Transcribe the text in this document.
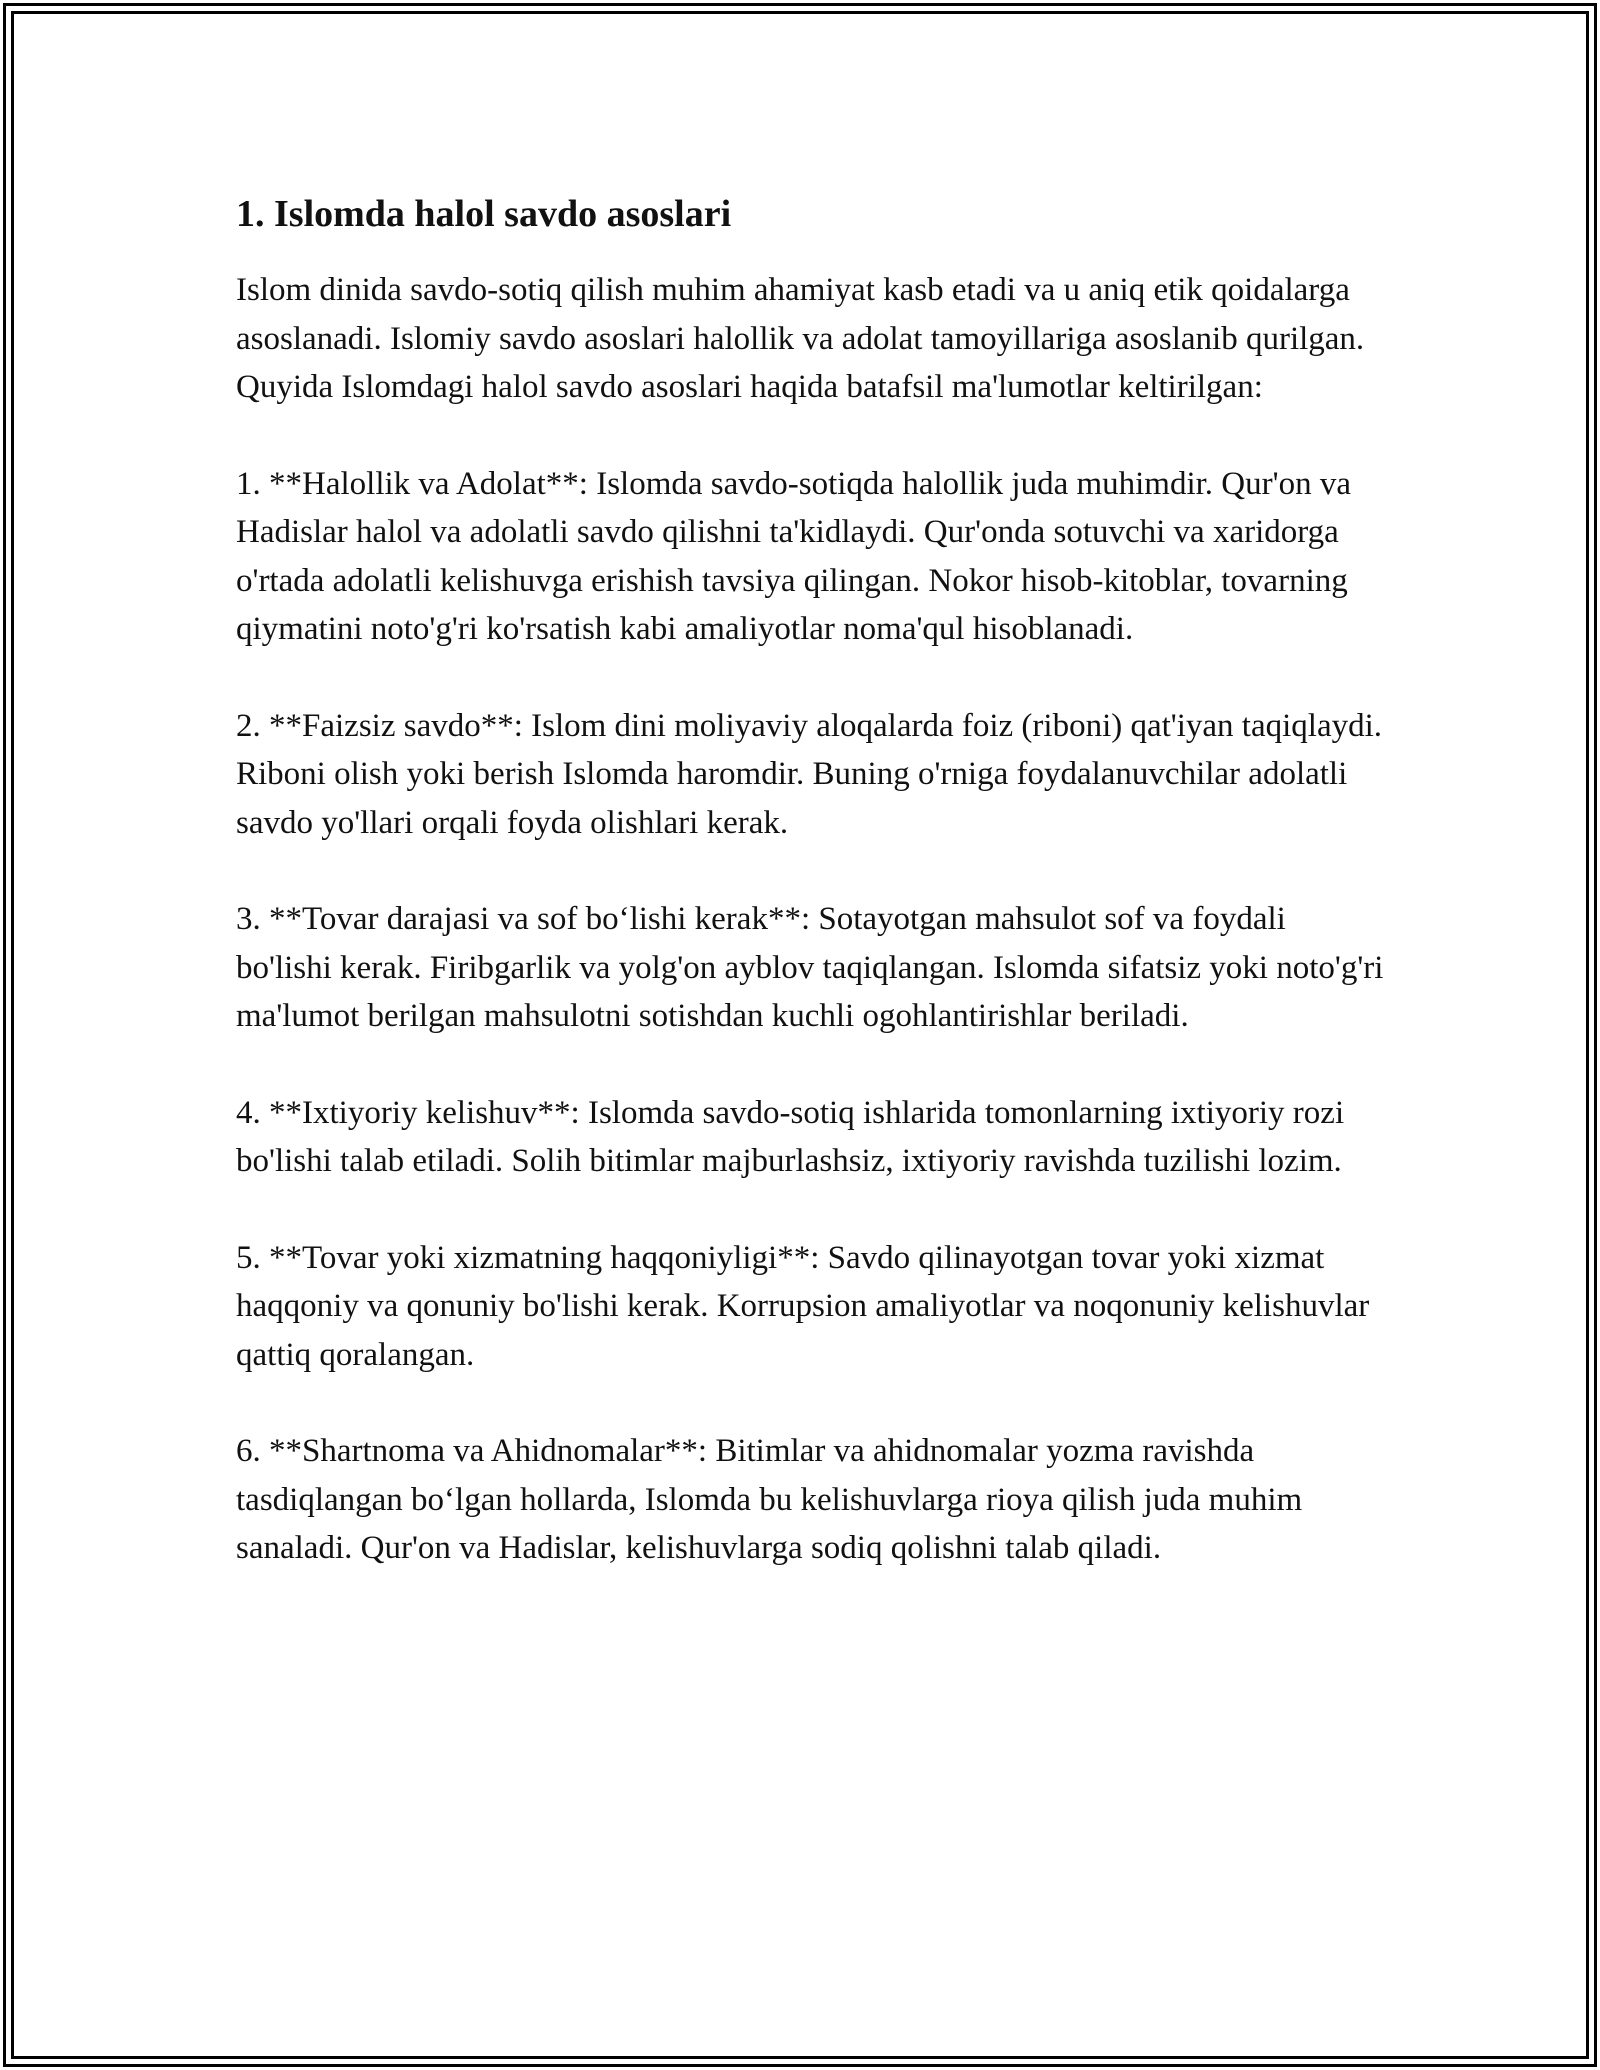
1. Islomda halol savdo asoslari

Islom dinida savdo-sotiq qilish muhim ahamiyat kasb etadi va u aniq etik qoidalarga asoslanadi. Islomiy savdo asoslari halollik va adolat tamoyillariga asoslanib qurilgan. Quyida Islomdagi halol savdo asoslari haqida batafsil ma'lumotlar keltirilgan:

1. **Halollik va Adolat**: Islomda savdo-sotiqda halollik juda muhimdir. Qur'on va Hadislar halol va adolatli savdo qilishni ta'kidlaydi. Qur'onda sotuvchi va xaridorga o'rtada adolatli kelishuvga erishish tavsiya qilingan. Nokor hisob-kitoblar, tovarning qiymatini noto'g'ri ko'rsatish kabi amaliyotlar noma'qul hisoblanadi.

2. **Faizsiz savdo**: Islom dini moliyaviy aloqalarda foiz (riboni) qat'iyan taqiqlaydi. Riboni olish yoki berish Islomda haromdir. Buning o'rniga foydalanuvchilar adolatli savdo yo'llari orqali foyda olishlari kerak.

3. **Tovar darajasi va sof bo‘lishi kerak**: Sotayotgan mahsulot sof va foydali bo'lishi kerak. Firibgarlik va yolg'on ayblov taqiqlangan. Islomda sifatsiz yoki noto'g'ri ma'lumot berilgan mahsulotni sotishdan kuchli ogohlantirishlar beriladi.

4. **Ixtiyoriy kelishuv**: Islomda savdo-sotiq ishlarida tomonlarning ixtiyoriy rozi bo'lishi talab etiladi. Solih bitimlar majburlashsiz, ixtiyoriy ravishda tuzilishi lozim.

5. **Tovar yoki xizmatning haqqoniyligi**: Savdo qilinayotgan tovar yoki xizmat haqqoniy va qonuniy bo'lishi kerak. Korrupsion amaliyotlar va noqonuniy kelishuvlar qattiq qoralangan.

6. **Shartnoma va Ahidnomalar**: Bitimlar va ahidnomalar yozma ravishda tasdiqlangan bo‘lgan hollarda, Islomda bu kelishuvlarga rioya qilish juda muhim sanaladi. Qur'on va Hadislar, kelishuvlarga sodiq qolishni talab qiladi.
